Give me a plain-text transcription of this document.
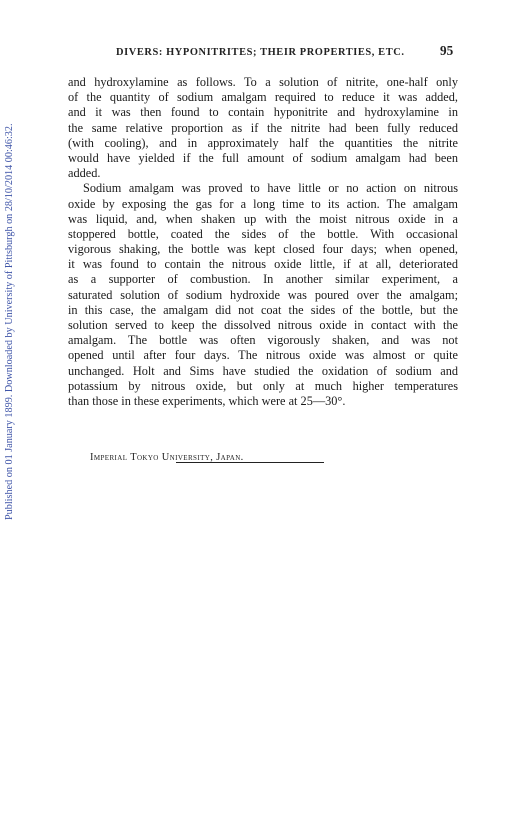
Published on 01 January 1899. Downloaded by University of Pittsburgh on 28/10/2014 00:46:32.
DIVERS: HYPONITRITES; THEIR PROPERTIES, ETC.	95
and hydroxylamine as follows. To a solution of nitrite, one-half only
of the quantity of sodium amalgam required to reduce it was added,
and it was then found to contain hyponitrite and hydroxylamine in
the same relative proportion as if the nitrite had been fully reduced
(with cooling), and in approximately half the quantities the nitrite
would have yielded if the full amount of sodium amalgam had been
added.
Sodium amalgam was proved to have little or no action on nitrous
oxide by exposing the gas for a long time to its action. The amalgam
was liquid, and, when shaken up with the moist nitrous oxide in a
stoppered bottle, coated the sides of the bottle. With occasional
vigorous shaking, the bottle was kept closed four days; when opened,
it was found to contain the nitrous oxide little, if at all, deteriorated
as a supporter of combustion. In another similar experiment, a
saturated solution of sodium hydroxide was poured over the amalgam;
in this case, the amalgam did not coat the sides of the bottle, but the
solution served to keep the dissolved nitrous oxide in contact with the
amalgam. The bottle was often vigorously shaken, and was not
opened until after four days. The nitrous oxide was almost or quite
unchanged. Holt and Sims have studied the oxidation of sodium and
potassium by nitrous oxide, but only at much higher temperatures
than those in these experiments, which were at 25—30°.
Imperial Tokyo University, Japan.
